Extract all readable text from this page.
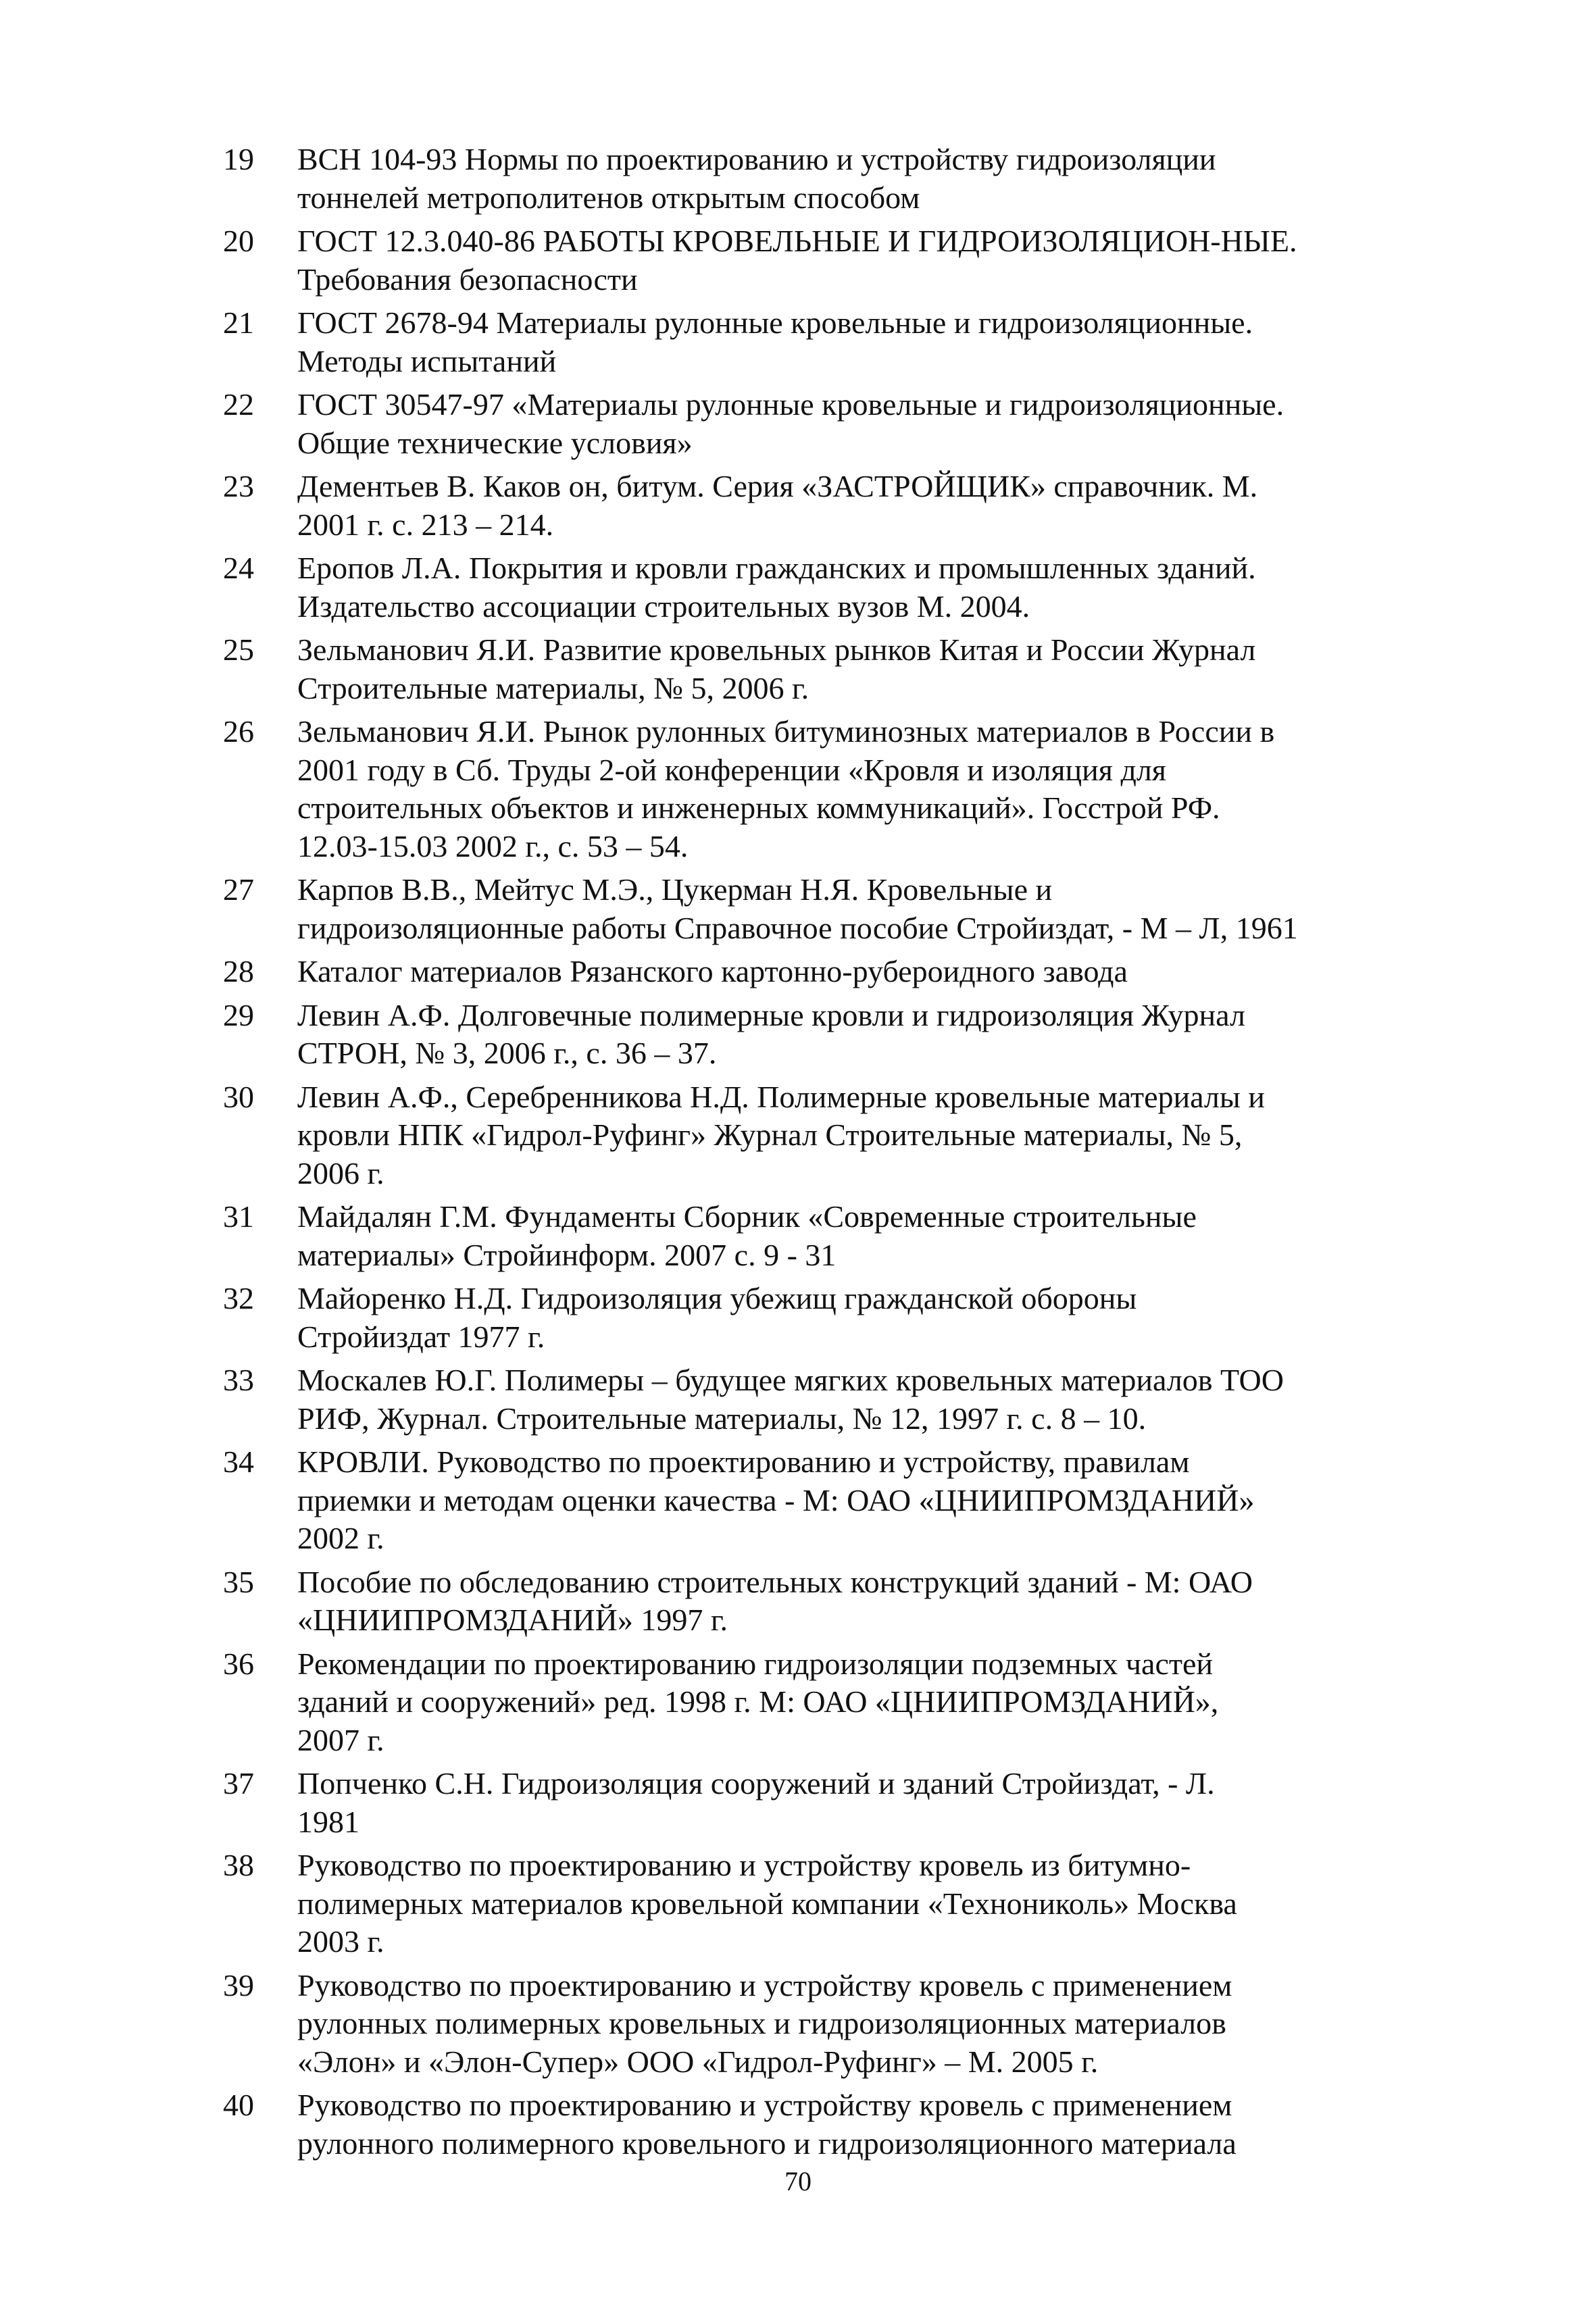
19	ВСН 104-93 Нормы по проектированию и устройству гидроизоляции
тоннелей метрополитенов открытым способом
20	ГОСТ 12.3.040-86 РАБОТЫ КРОВЕЛЬНЫЕ И ГИДРОИЗОЛЯЦИОН-НЫЕ.
Требования безопасности
21	ГОСТ 2678-94 Материалы рулонные кровельные и гидроизоляционные.
Методы испытаний
22	ГОСТ 30547-97 «Материалы рулонные кровельные и гидроизоляционные.
Общие технические условия»
23	Дементьев В. Каков он, битум. Серия «ЗАСТРОЙЩИК» справочник. М.
2001 г. с. 213 – 214.
24	Еропов Л.А. Покрытия и кровли гражданских и промышленных зданий.
Издательство ассоциации строительных вузов М. 2004.
25	Зельманович Я.И. Развитие кровельных рынков Китая и России Журнал
Строительные материалы, № 5, 2006 г.
26	Зельманович Я.И. Рынок рулонных битуминозных материалов в России в
2001 году в Сб. Труды 2-ой конференции «Кровля и изоляция для
строительных объектов и инженерных коммуникаций». Госстрой РФ.
12.03-15.03 2002 г., с. 53 – 54.
27	Карпов В.В., Мейтус М.Э., Цукерман Н.Я. Кровельные и
гидроизоляционные работы Справочное пособие Стройиздат, - М – Л, 1961
28	Каталог материалов Рязанского картонно-рубероидного завода
29	Левин А.Ф. Долговечные полимерные кровли и гидроизоляция Журнал
СТРОН, № 3, 2006 г., с. 36 – 37.
30	Левин А.Ф., Серебренникова Н.Д. Полимерные кровельные материалы и
кровли НПК «Гидрол-Руфинг» Журнал Строительные материалы, № 5,
2006 г.
31	Майдалян Г.М. Фундаменты Сборник «Современные строительные
материалы» Стройинформ. 2007 с. 9 - 31
32	Майоренко Н.Д. Гидроизоляция убежищ гражданской обороны
Стройиздат 1977 г.
33	Москалев Ю.Г. Полимеры – будущее мягких кровельных материалов ТОО
РИФ, Журнал. Строительные материалы, № 12, 1997 г. с. 8 – 10.
34	КРОВЛИ. Руководство по проектированию и устройству, правилам
приемки и методам оценки качества - М: ОАО «ЦНИИПРОМЗДАНИЙ»
2002 г.
35	Пособие по обследованию строительных конструкций зданий - М: ОАО
«ЦНИИПРОМЗДАНИЙ» 1997 г.
36	Рекомендации по проектированию гидроизоляции подземных частей
зданий и сооружений» ред. 1998 г. М: ОАО «ЦНИИПРОМЗДАНИЙ»,
2007 г.
37	Попченко С.Н. Гидроизоляция сооружений и зданий Стройиздат, - Л.
1981
38	Руководство по проектированию и устройству кровель из битумно-
полимерных материалов кровельной компании «Технониколь» Москва
2003 г.
39	Руководство по проектированию и устройству кровель с применением
рулонных полимерных кровельных и гидроизоляционных материалов
«Элон» и «Элон-Супер» ООО «Гидрол-Руфинг» – М. 2005 г.
40	Руководство по проектированию и устройству кровель с применением
рулонного полимерного кровельного и гидроизоляционного материала
70
